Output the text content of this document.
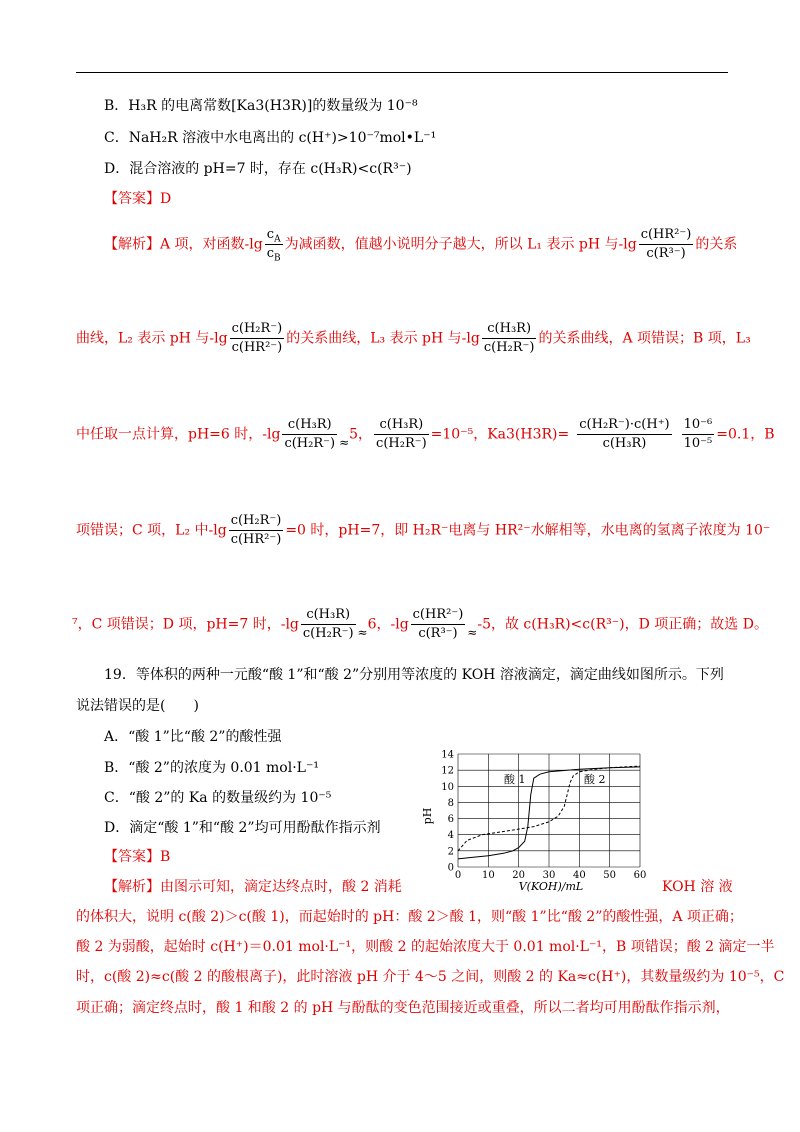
B．H₃R 的电离常数[Ka3(H3R)]的数量级为 10⁻⁸
C．NaH₂R 溶液中水电离出的 c(H⁺)>10⁻⁷mol•L⁻¹
D．混合溶液的 pH=7 时，存在 c(H₃R)<c(R³⁻)
【答案】D
【解析】A 项，对函数$-\lg \frac{c_A}{c_B}$ 为减函数，值越小说明分子越大，所以 L₁ 表示 pH 与$-\lg \frac{\text{c(HR²⁻)}}{\text{c(R³⁻)}}$ 的关系
曲线，L₂ 表示 pH 与$-\lg \frac{\text{c(H₂R⁻)}}{\text{c(HR²⁻)}}$ 的关系曲线，L₃ 表示 pH 与$-\lg \frac{\text{c(H₃R)}}{\text{c(H₂R⁻)}}$ 的关系曲线，A 项错误；B 项，L₃
中任取一点计算，pH=6 时，$-\lg \frac{\text{c(H₃R)}}{\text{c(H₂R⁻)}} \approx 5$， $\frac{\text{c(H₃R)}}{\text{c(H₂R⁻)}} =10^{-5}$，$Ka3(H3R)= \frac{\text{c(H₂R⁻)·c(H⁺)}}{\text{c(H₃R)}} \frac{\text{10⁻⁶}}{\text{10⁻⁵}} =0.1$，B
项错误；C 项，L₂ 中$-\lg \frac{\text{c(H₂R⁻)}}{\text{c(HR²⁻)}} =0$ 时，pH=7，即 H₂R⁻电离与 HR²⁻水解相等，水电离的氢离子浓度为 10⁻
⁷，C 项错误；D 项，pH=7 时，$-\lg \frac{\text{c(H₃R)}}{\text{c(H₂R⁻)}} \approx 6$，$-\lg \frac{\text{c(HR²⁻)}}{\text{c(R³⁻)}} \approx-5$，故 c(H₃R)<c(R³⁻)，D 项正确；故选 D。
19．等体积的两种一元酸“酸 1”和“酸 2”分别用等浓度的 KOH 溶液滴定，滴定曲线如图所示。下列
说法错误的是(　　)
A．“酸 1”比“酸 2”的酸性强
B．“酸 2”的浓度为 0.01 mol·L⁻¹
C．“酸 2”的 Ka 的数量级约为 10⁻⁵
D．滴定“酸 1”和“酸 2”均可用酚酞作指示剂
【答案】B
【解析】由图示可知，滴定达终点时，酸 2 消耗	KOH 溶 液
的体积大，说明 c(酸 2)＞c(酸 1)，而起始时的 pH：酸 2＞酸 1，则“酸 1”比“酸 2”的酸性强，A 项正确；
酸 2 为弱酸，起始时 c(H⁺)＝0.01 mol·L⁻¹，则酸 2 的起始浓度大于 0.01 mol·L⁻¹，B 项错误；酸 2 滴定一半
时，c(酸 2)≈c(酸 2 的酸根离子)，此时溶液 pH 介于 4～5 之间，则酸 2 的 Ka≈c(H⁺)，其数量级约为 10⁻⁵，C
项正确；滴定终点时，酸 1 和酸 2 的 pH 与酚酞的变色范围接近或重叠，所以二者均可用酚酞作指示剂，
0 10 20 30 40 50 60
0
2
4
6
8
10
12
14
pH
V(KOH)/mL
酸 1	酸 2
